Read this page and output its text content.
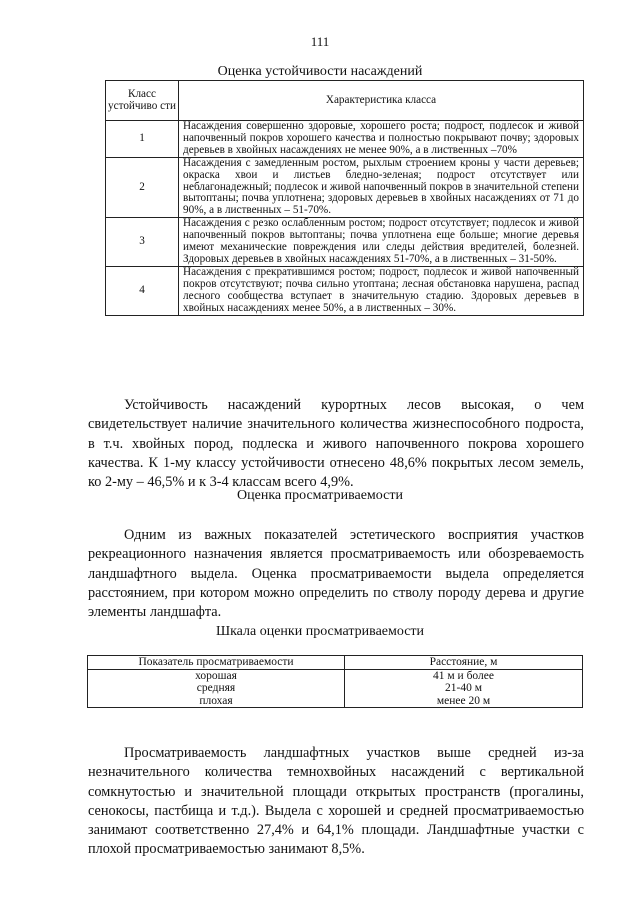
111
Оценка устойчивости насаждений
Класс устойчиво сти	Характеристика класса
1	Насаждения совершенно здоровые, хорошего роста; подрост, подлесок и живой напочвенный покров хорошего качества и полностью покрывают почву; здоровых деревьев в хвойных насаждениях не менее 90%, а в лиственных –70%
2	Насаждения с замедленным ростом, рыхлым строением кроны у части деревьев; окраска хвои и листьев бледно-зеленая; подрост отсутствует или неблагонадежный; подлесок и живой напочвенный покров в значительной степени вытоптаны; почва уплотнена; здоровых деревьев в хвойных насаждениях от 71 до 90%, а в лиственных – 51-70%.
3	Насаждения с резко ослабленным ростом; подрост отсутствует; подлесок и живой напочвенный покров вытоптаны; почва уплотнена еще больше; многие деревья имеют механические повреждения или следы действия вредителей, болезней. Здоровых деревьев в хвойных насаждениях 51-70%, а в лиственных – 31-50%.
4	Насаждения с прекратившимся ростом; подрост, подлесок и живой напочвенный покров отсутствуют; почва сильно утоптана; лесная обстановка нарушена, распад лесного сообщества вступает в значительную стадию. Здоровых деревьев в хвойных насаждениях менее 50%, а в лиственных – 30%.

Устойчивость насаждений курортных лесов высокая, о чем свидетельствует наличие значительного количества жизнеспособного подроста, в т.ч. хвойных пород, подлеска и живого напочвенного покрова хорошего качества. К 1-му классу устойчивости отнесено 48,6% покрытых лесом земель, ко 2-му – 46,5% и к 3-4 классам всего 4,9%.

Оценка просматриваемости

Одним из важных показателей эстетического восприятия участков рекреационного назначения является просматриваемость или обозреваемость ландшафтного выдела. Оценка просматриваемости выдела определяется расстоянием, при котором можно определить по стволу породу дерева и другие элементы ландшафта.

Шкала оценки просматриваемости
Показатель просматриваемости	Расстояние, м
хорошая	41 м и более
средняя	21-40 м
плохая	менее 20 м

Просматриваемость ландшафтных участков выше средней из-за незначительного количества темнохвойных насаждений с вертикальной сомкнутостью и значительной площади открытых пространств (прогалины, сенокосы, пастбища и т.д.). Выдела с хорошей и средней просматриваемостью занимают соответственно 27,4% и 64,1% площади. Ландшафтные участки с плохой просматриваемостью занимают 8,5%.
